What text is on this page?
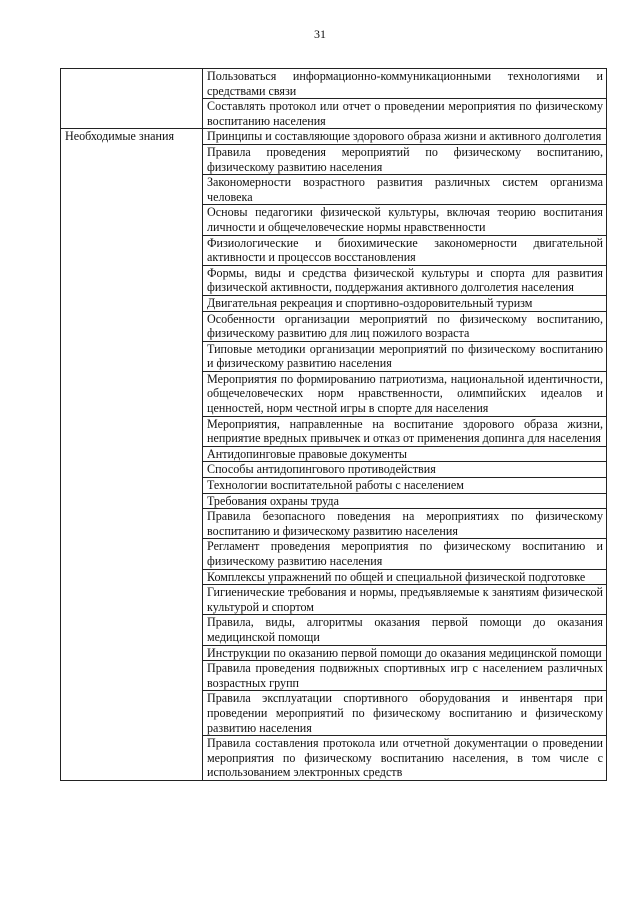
31
	Пользоваться информационно-коммуникационными технологиями и средствами связи
	Составлять протокол или отчет о проведении мероприятия по физическому воспитанию населения
Необходимые знания	Принципы и составляющие здорового образа жизни и активного долголетия
	Правила проведения мероприятий по физическому воспитанию, физическому развитию населения
	Закономерности возрастного развития различных систем организма человека
	Основы педагогики физической культуры, включая теорию воспитания личности и общечеловеческие нормы нравственности
	Физиологические и биохимические закономерности двигательной активности и процессов восстановления
	Формы, виды и средства физической культуры и спорта для развития физической активности, поддержания активного долголетия населения
	Двигательная рекреация и спортивно-оздоровительный туризм
	Особенности организации мероприятий по физическому воспитанию, физическому развитию для лиц пожилого возраста
	Типовые методики организации мероприятий по физическому воспитанию и физическому развитию населения
	Мероприятия по формированию патриотизма, национальной идентичности, общечеловеческих норм нравственности, олимпийских идеалов и ценностей, норм честной игры в спорте для населения
	Мероприятия, направленные на воспитание здорового образа жизни, неприятие вредных привычек и отказ от применения допинга для населения
	Антидопинговые правовые документы
	Способы антидопингового противодействия
	Технологии воспитательной работы с населением
	Требования охраны труда
	Правила безопасного поведения на мероприятиях по физическому воспитанию и физическому развитию населения
	Регламент проведения мероприятия по физическому воспитанию и физическому развитию населения
	Комплексы упражнений по общей и специальной физической подготовке
	Гигиенические требования и нормы, предъявляемые к занятиям физической культурой и спортом
	Правила, виды, алгоритмы оказания первой помощи до оказания медицинской помощи
	Инструкции по оказанию первой помощи до оказания медицинской помощи
	Правила проведения подвижных спортивных игр с населением различных возрастных групп
	Правила эксплуатации спортивного оборудования и инвентаря при проведении мероприятий по физическому воспитанию и физическому развитию населения
	Правила составления протокола или отчетной документации о проведении мероприятия по физическому воспитанию населения, в том числе с использованием электронных средств
